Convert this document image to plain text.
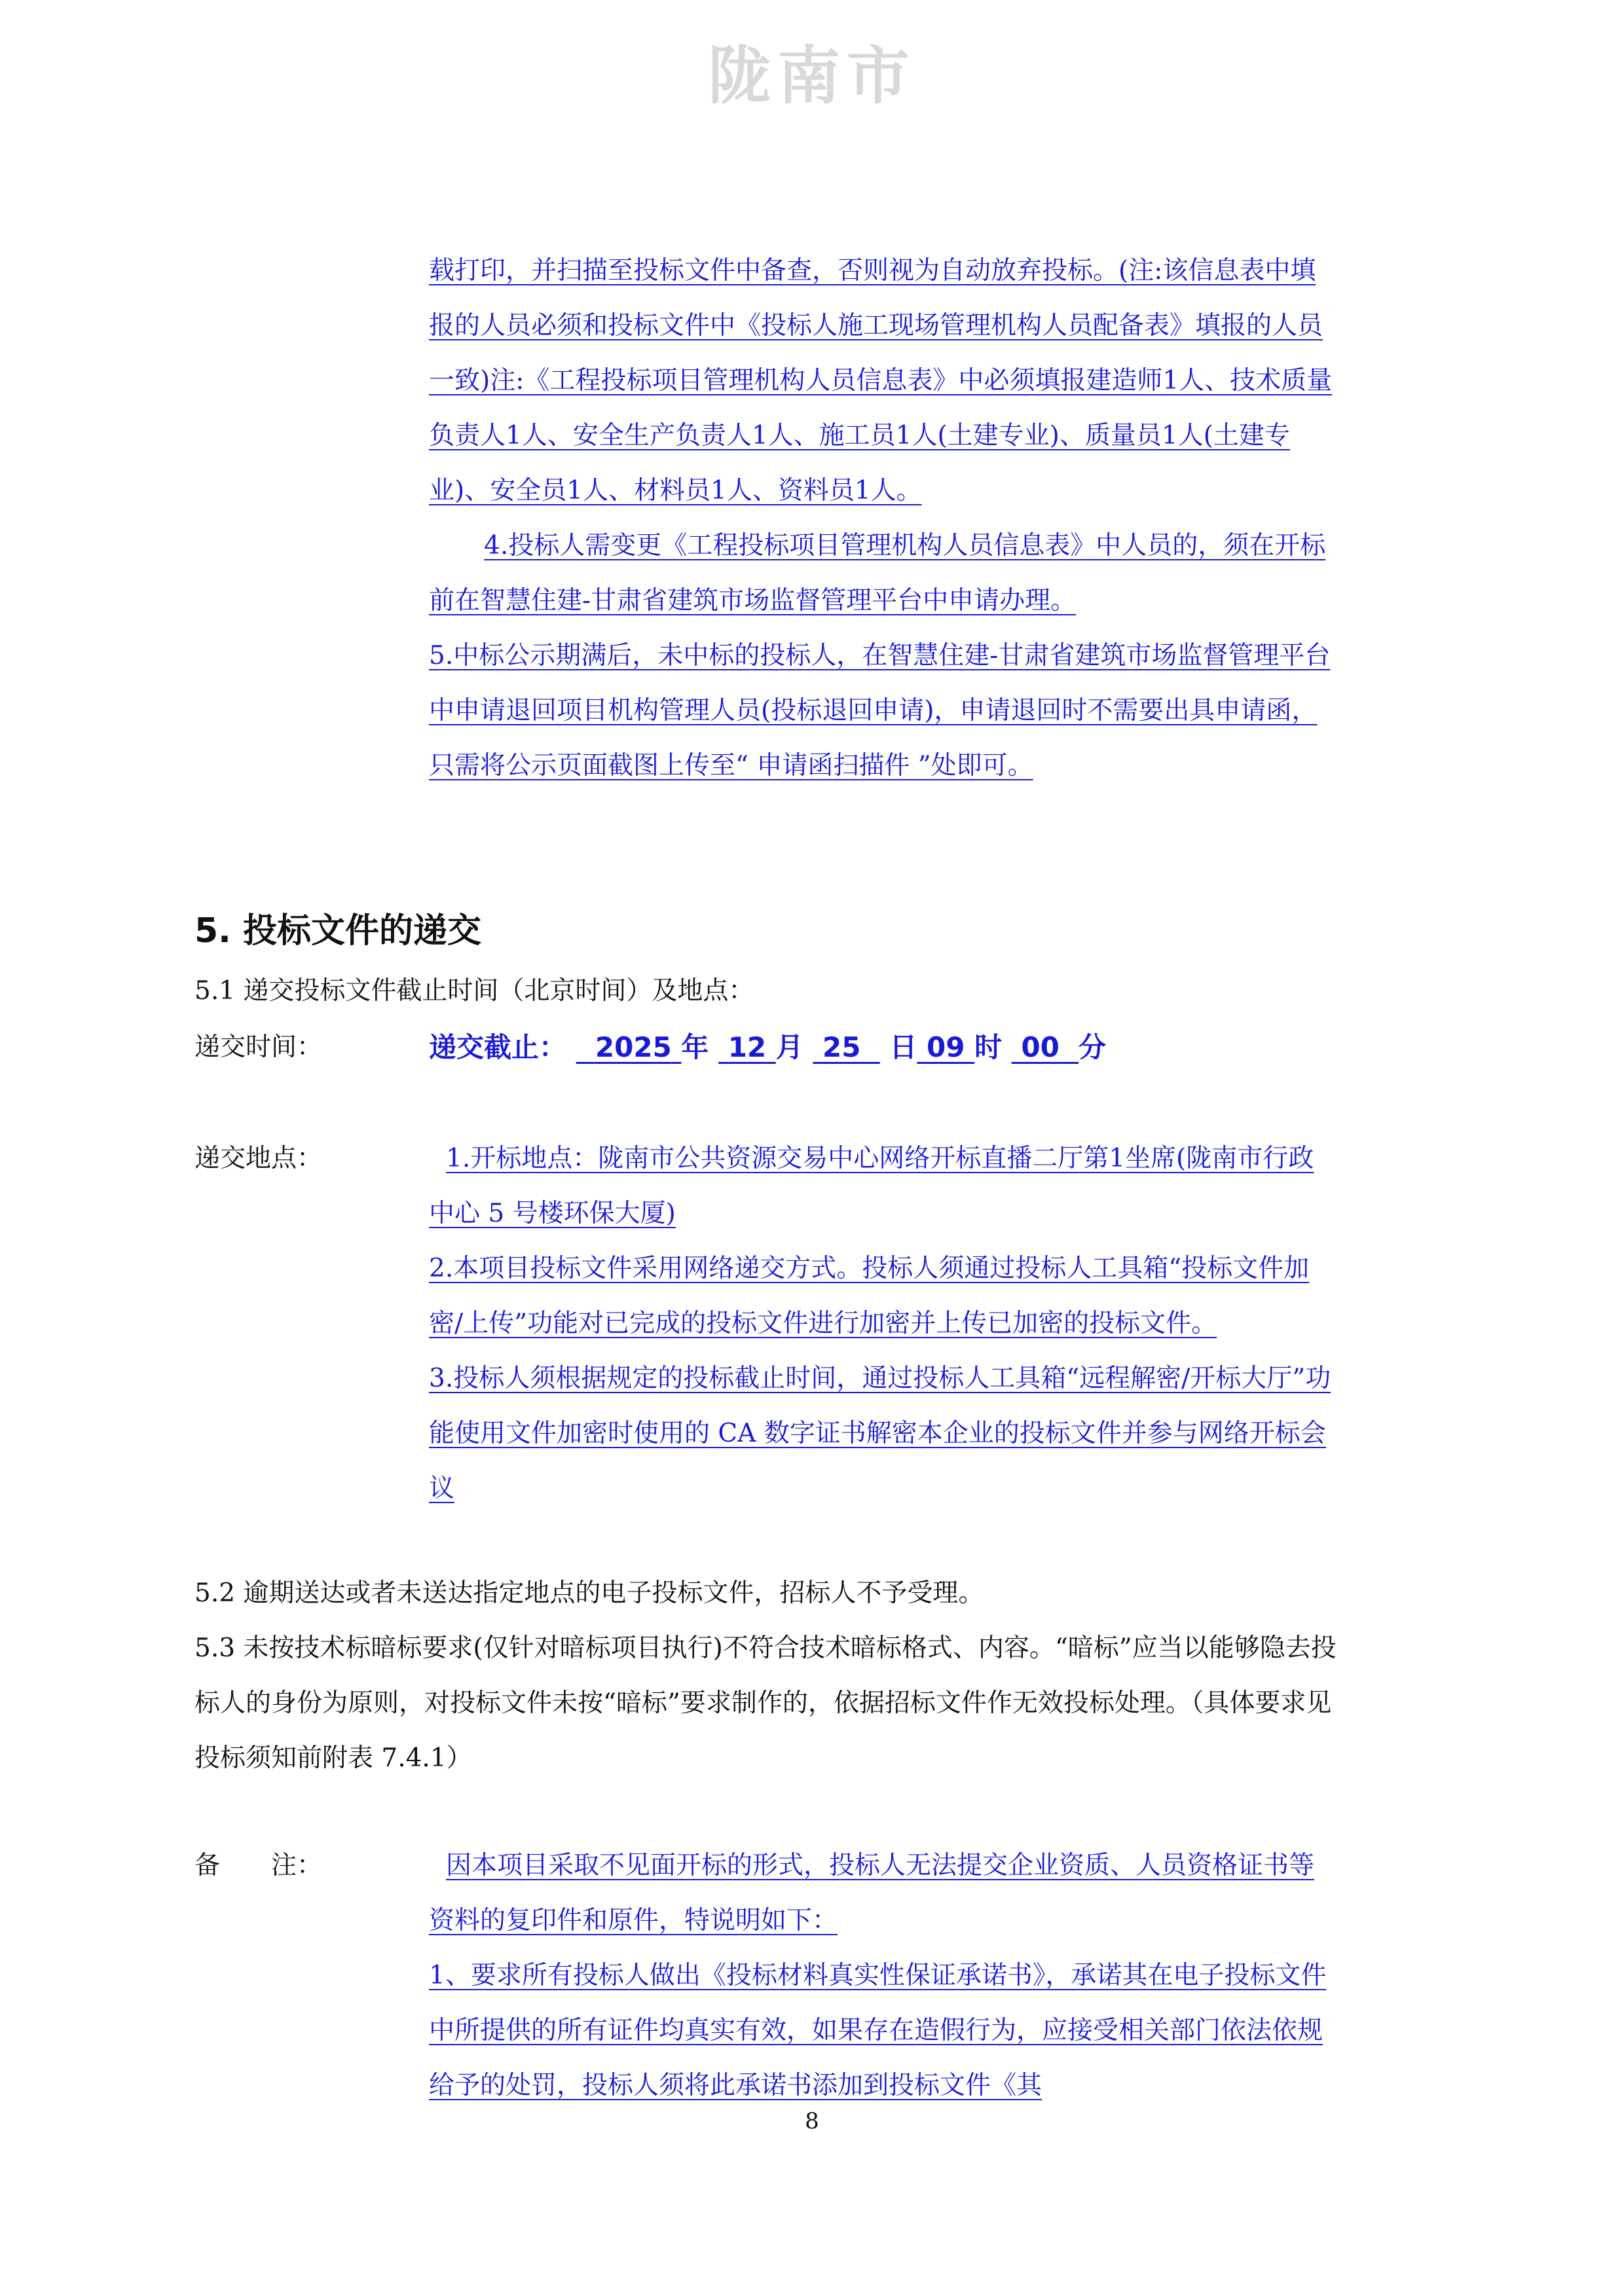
陇南市

载打印，并扫描至投标文件中备查，否则视为自动放弃投标。(注:该信息表中填报的人员必须和投标文件中《投标人施工现场管理机构人员配备表》填报的人员一致)注:《工程投标项目管理机构人员信息表》中必须填报建造师1人、技术质量负责人1人、安全生产负责人1人、施工员1人(土建专业)、质量员1人(土建专业)、安全员1人、材料员1人、资料员1人。

4.投标人需变更《工程投标项目管理机构人员信息表》中人员的，须在开标前在智慧住建-甘肃省建筑市场监督管理平台中申请办理。

5.中标公示期满后，未中标的投标人，在智慧住建-甘肃省建筑市场监督管理平台中申请退回项目机构管理人员(投标退回申请)，申请退回时不需要出具申请函，只需将公示页面截图上传至“ 申请函扫描件 ”处即可。

5. 投标文件的递交

5.1 递交投标文件截止时间（北京时间）及地点：

递交时间：	递交截止： 2025 年 12 月 25 日 09 时 00 分
递交地点：	1.开标地点：陇南市公共资源交易中心网络开标直播二厅第1坐席(陇南市行政中心 5 号楼环保大厦)

2.本项目投标文件采用网络递交方式。投标人须通过投标人工具箱“投标文件加密/上传”功能对已完成的投标文件进行加密并上传已加密的投标文件。

3.投标人须根据规定的投标截止时间，通过投标人工具箱“远程解密/开标大厅”功能使用文件加密时使用的 CA 数字证书解密本企业的投标文件并参与网络开标会议

5.2 逾期送达或者未送达指定地点的电子投标文件，招标人不予受理。

5.3 未按技术标暗标要求(仅针对暗标项目执行)不符合技术暗标格式、内容。“暗标”应当以能够隐去投标人的身份为原则，对投标文件未按“暗标”要求制作的，依据招标文件作无效投标处理。（具体要求见投标须知前附表 7.4.1）

备　　注：	因本项目采取不见面开标的形式，投标人无法提交企业资质、人员资格证书等资料的复印件和原件，特说明如下：

1、要求所有投标人做出《投标材料真实性保证承诺书》，承诺其在电子投标文件中所提供的所有证件均真实有效，如果存在造假行为，应接受相关部门依法依规给予的处罚，投标人须将此承诺书添加到投标文件《其

8
